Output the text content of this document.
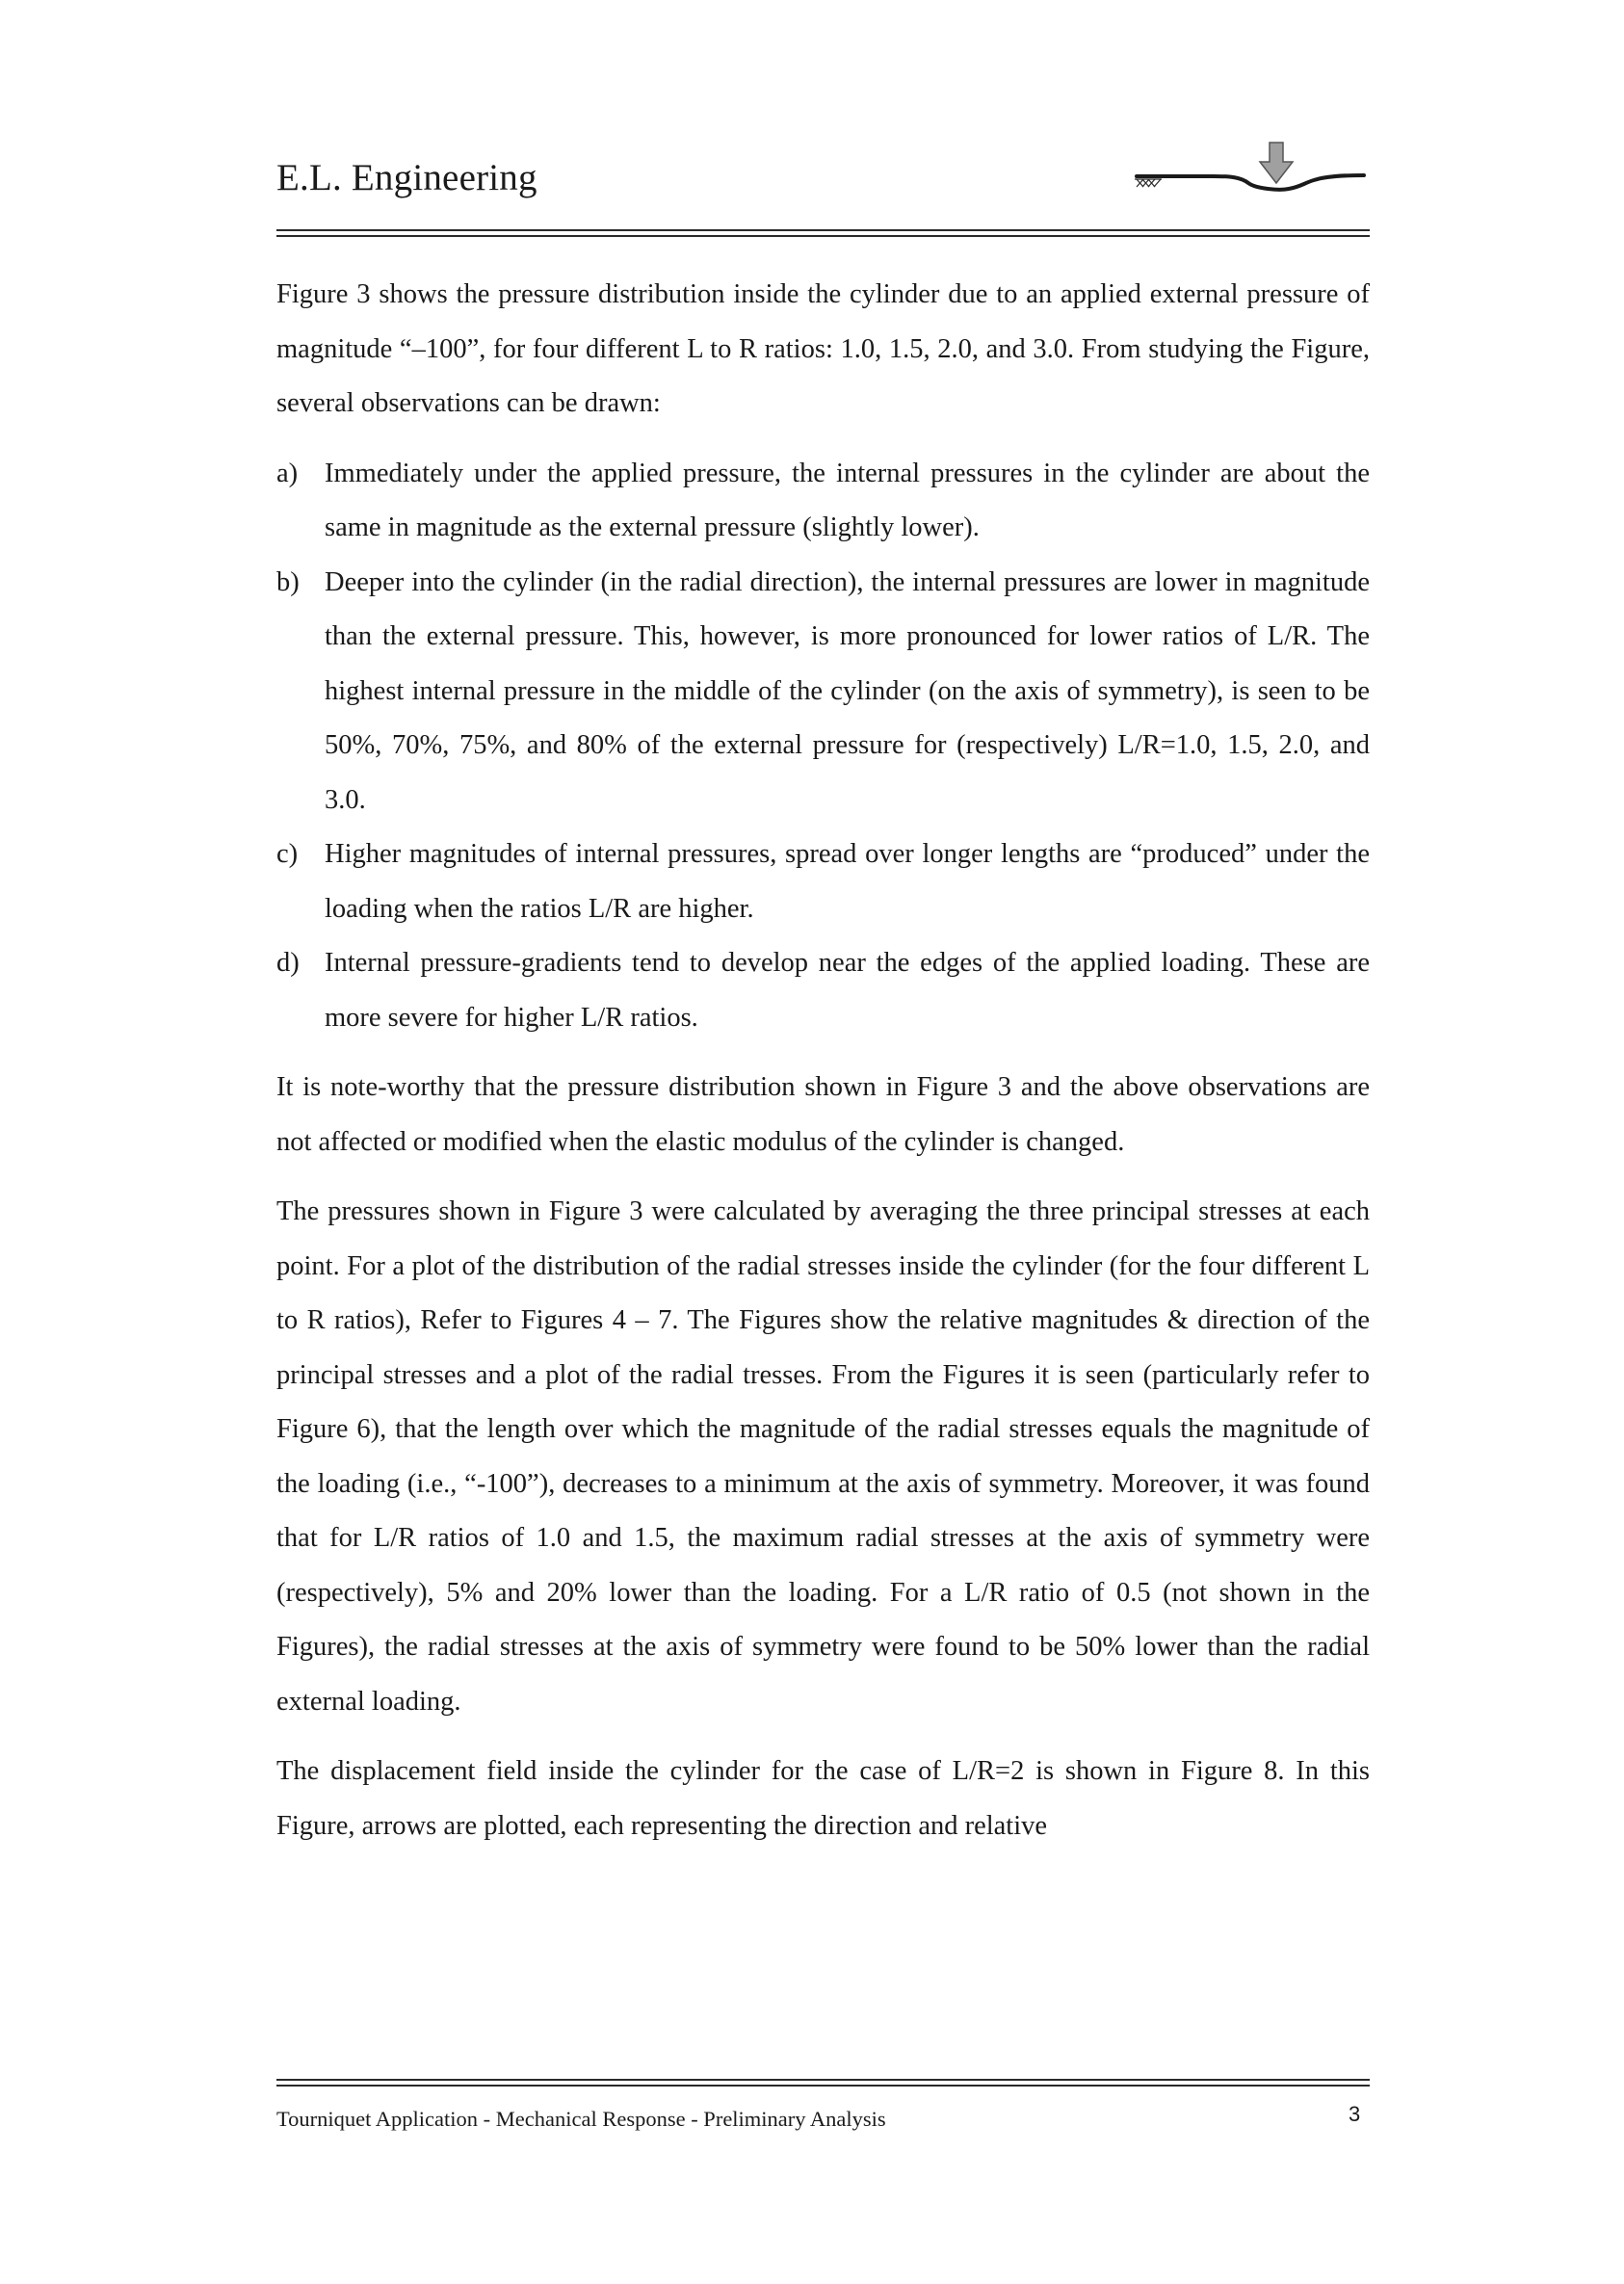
E.L. Engineering

Figure 3 shows the pressure distribution inside the cylinder due to an applied external pressure of magnitude “–100”, for four different L to R ratios: 1.0, 1.5, 2.0, and 3.0. From studying the Figure, several observations can be drawn:

a) Immediately under the applied pressure, the internal pressures in the cylinder are about the same in magnitude as the external pressure (slightly lower).
b) Deeper into the cylinder (in the radial direction), the internal pressures are lower in magnitude than the external pressure. This, however, is more pronounced for lower ratios of L/R. The highest internal pressure in the middle of the cylinder (on the axis of symmetry), is seen to be 50%, 70%, 75%, and 80% of the external pressure for (respectively) L/R=1.0, 1.5, 2.0, and 3.0.
c) Higher magnitudes of internal pressures, spread over longer lengths are “produced” under the loading when the ratios L/R are higher.
d) Internal pressure-gradients tend to develop near the edges of the applied loading. These are more severe for higher L/R ratios.

It is note-worthy that the pressure distribution shown in Figure 3 and the above observations are not affected or modified when the elastic modulus of the cylinder is changed.

The pressures shown in Figure 3 were calculated by averaging the three principal stresses at each point. For a plot of the distribution of the radial stresses inside the cylinder (for the four different L to R ratios), Refer to Figures 4 – 7. The Figures show the relative magnitudes & direction of the principal stresses and a plot of the radial tresses. From the Figures it is seen (particularly refer to Figure 6), that the length over which the magnitude of the radial stresses equals the magnitude of the loading (i.e., “-100”), decreases to a minimum at the axis of symmetry. Moreover, it was found that for L/R ratios of 1.0 and 1.5, the maximum radial stresses at the axis of symmetry were (respectively), 5% and 20% lower than the loading. For a L/R ratio of 0.5 (not shown in the Figures), the radial stresses at the axis of symmetry were found to be 50% lower than the radial external loading.

The displacement field inside the cylinder for the case of L/R=2 is shown in Figure 8. In this Figure, arrows are plotted, each representing the direction and relative

Tourniquet Application - Mechanical Response - Preliminary Analysis	3
